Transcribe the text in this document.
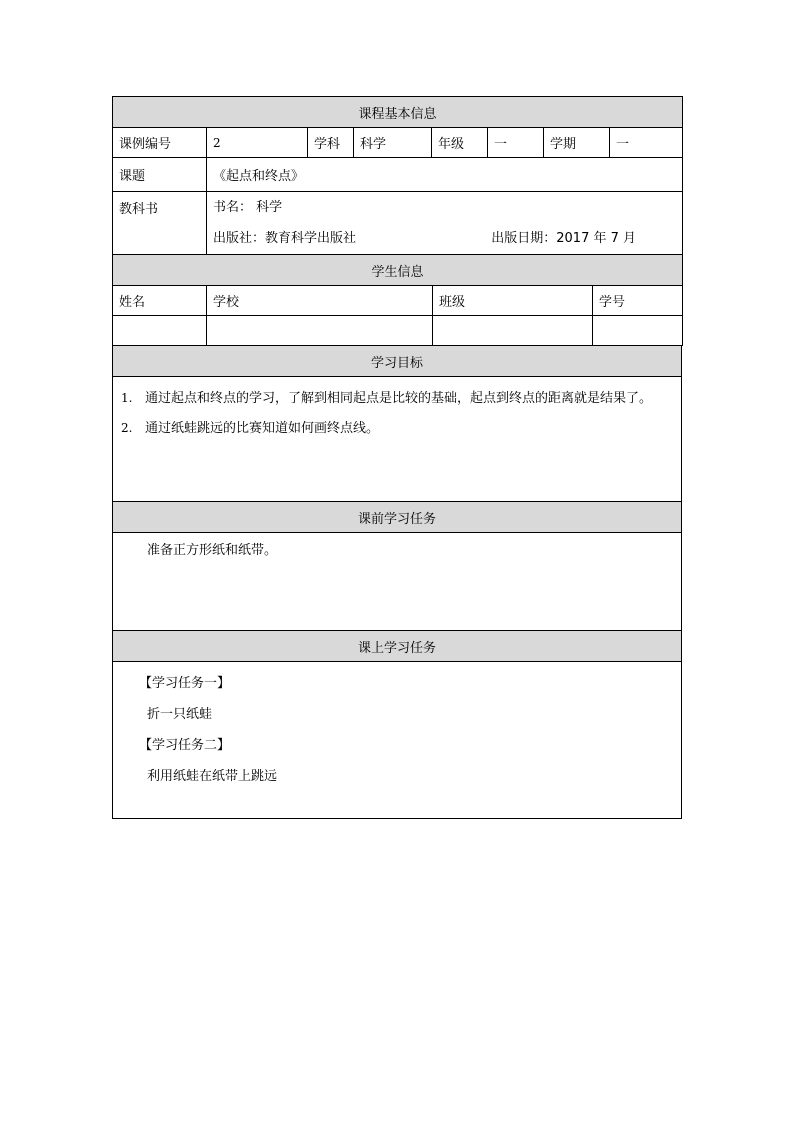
课程基本信息							
课例编号	2	学科	科学	年级	一	学期	一
课题	《起点和终点》						
教科书	书名： 科学
出版社：教育科学出版社 出版日期：2017 年 7 月						
学生信息			
姓名	学校	班级	学号

学习目标

1. 通过起点和终点的学习，了解到相同起点是比较的基础，起点到终点的距离就是结果了。
2. 通过纸蛙跳远的比赛知道如何画终点线。

课前学习任务
准备正方形纸和纸带。
课上学习任务

【学习任务一】
折一只纸蛙
【学习任务二】
利用纸蛙在纸带上跳远
